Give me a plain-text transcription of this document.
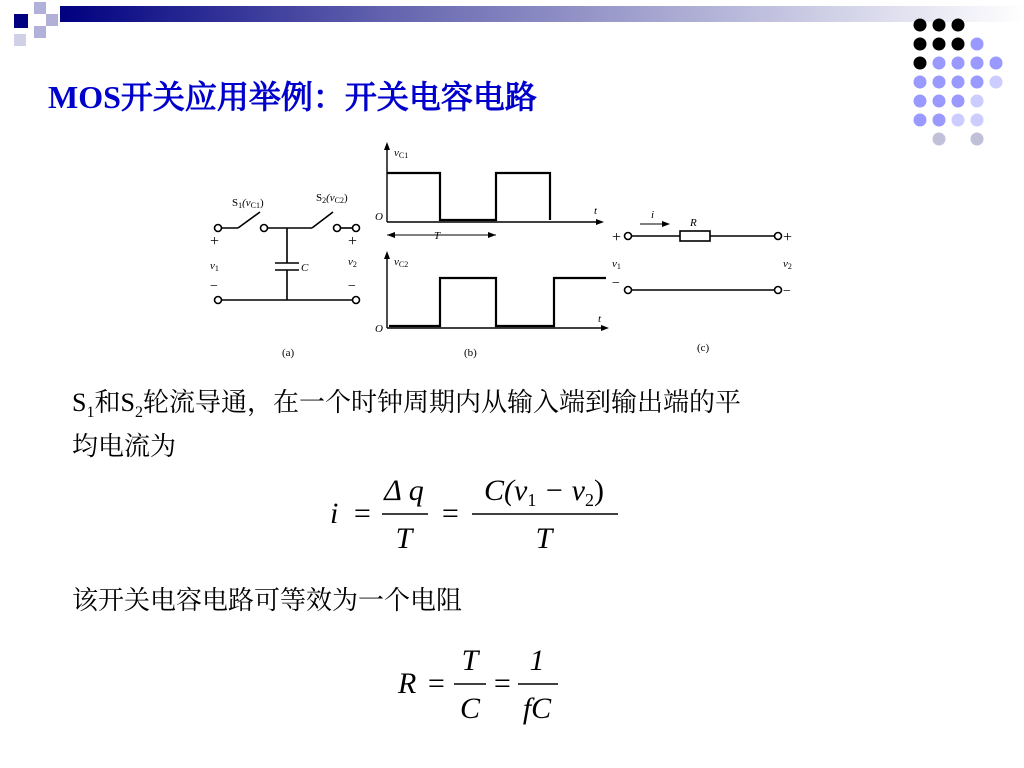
MOS开关应用举例：开关电容电路
S1(vC1)	S2(vC2)
+	+
v1
v2
C
−	−
(a)
vC1
vC2
t
t
O
O
T
(b)
i
R
+	+
v1	v2
−
−
(c)
$S_1$和$S_2$轮流导通，在一个时钟周期内从输入端到输出端的平
均电流为
i =
Δ q
T
=
$C(v_1 - v_2)$
T
该开关电容电路可等效为一个电阻
R =
T
C
=
1
fC
